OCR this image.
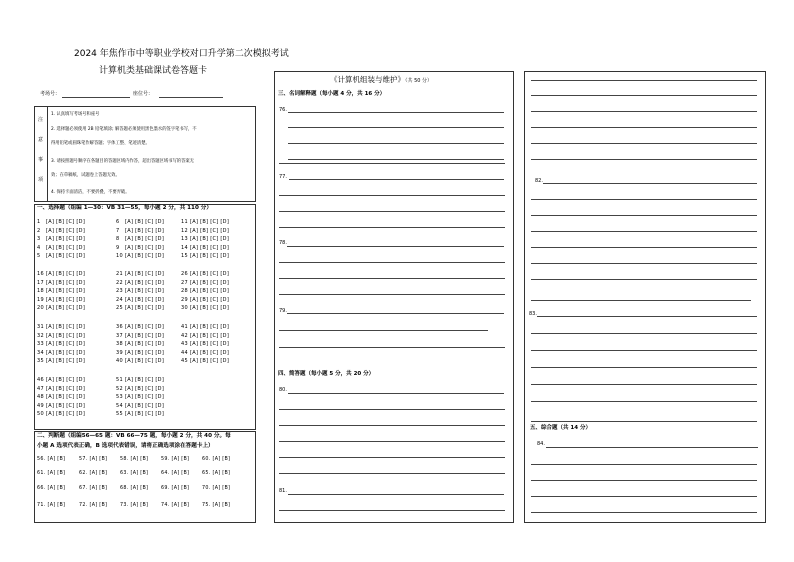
2024 年焦作市中等职业学校对口升学第二次模拟考试
计算机类基础课试卷答题卡
考场号：	座位号：
注
意
事
项
1. 认真填写考场号和座号
2. 选择题必须使用 2B 铅笔填涂; 解答题必须使用黑色墨水的签字笔书写，不
得用铅笔或圆珠笔作解答题；字体工整、笔迹清楚。
3. 请按照题号顺序在各题目的答题区域内作答，超出答题区域书写的答案无
效；在草稿纸、试题卷上答题无效。
4. 保持卡面清洁，不要折叠，不要弄破。
一、选择题（组编 1—30：VB 31—55，每小题 2 分，共 110 分）
1 [A] [B] [C] [D]
2 [A] [B] [C] [D]
3 [A] [B] [C] [D]
4 [A] [B] [C] [D]
5 [A] [B] [C] [D]
6 [A] [B] [C] [D]
7 [A] [B] [C] [D]
8 [A] [B] [C] [D]
9 [A] [B] [C] [D]
10 [A] [B] [C] [D]
11 [A] [B] [C] [D]
12 [A] [B] [C] [D]
13 [A] [B] [C] [D]
14 [A] [B] [C] [D]
15 [A] [B] [C] [D]
16 [A] [B] [C] [D]
17 [A] [B] [C] [D]
18 [A] [B] [C] [D]
19 [A] [B] [C] [D]
20 [A] [B] [C] [D]
21 [A] [B] [C] [D]
22 [A] [B] [C] [D]
23 [A] [B] [C] [D]
24 [A] [B] [C] [D]
25 [A] [B] [C] [D]
26 [A] [B] [C] [D]
27 [A] [B] [C] [D]
28 [A] [B] [C] [D]
29 [A] [B] [C] [D]
30 [A] [B] [C] [D]
31 [A] [B] [C] [D]
32 [A] [B] [C] [D]
33 [A] [B] [C] [D]
34 [A] [B] [C] [D]
35 [A] [B] [C] [D]
36 [A] [B] [C] [D]
37 [A] [B] [C] [D]
38 [A] [B] [C] [D]
39 [A] [B] [C] [D]
40 [A] [B] [C] [D]
41 [A] [B] [C] [D]
42 [A] [B] [C] [D]
43 [A] [B] [C] [D]
44 [A] [B] [C] [D]
45 [A] [B] [C] [D]
46 [A] [B] [C] [D]
47 [A] [B] [C] [D]
48 [A] [B] [C] [D]
49 [A] [B] [C] [D]
50 [A] [B] [C] [D]
51 [A] [B] [C] [D]
52 [A] [B] [C] [D]
53 [A] [B] [C] [D]
54 [A] [B] [C] [D]
55 [A] [B] [C] [D]
二、判断题（组编56—65 题：VB 66—75 题，每小题 2 分，共 40 分。每
小题 A 选项代表正确，B 选项代表错误，请将正确选项涂在答题卡上）
56. [A] [B]	57. [A] [B]	58. [A] [B]	59. [A] [B]	60. [A] [B]
61. [A] [B]	62. [A] [B]	63. [A] [B]	64. [A] [B]	65. [A] [B]
66. [A] [B]	67. [A] [B]	68. [A] [B]	69. [A] [B]	70. [A] [B]
71. [A] [B]	72. [A] [B]	73. [A] [B]	74. [A] [B]	75. [A] [B]
《计算机组装与维护》（共 50 分）
三、名词解释题（每小题 4 分，共 16 分）
76.
77.
78.
79.
四、简答题（每小题 5 分，共 20 分）
80.
81.
82.
83.
五、综合题（共 14 分）
84.
